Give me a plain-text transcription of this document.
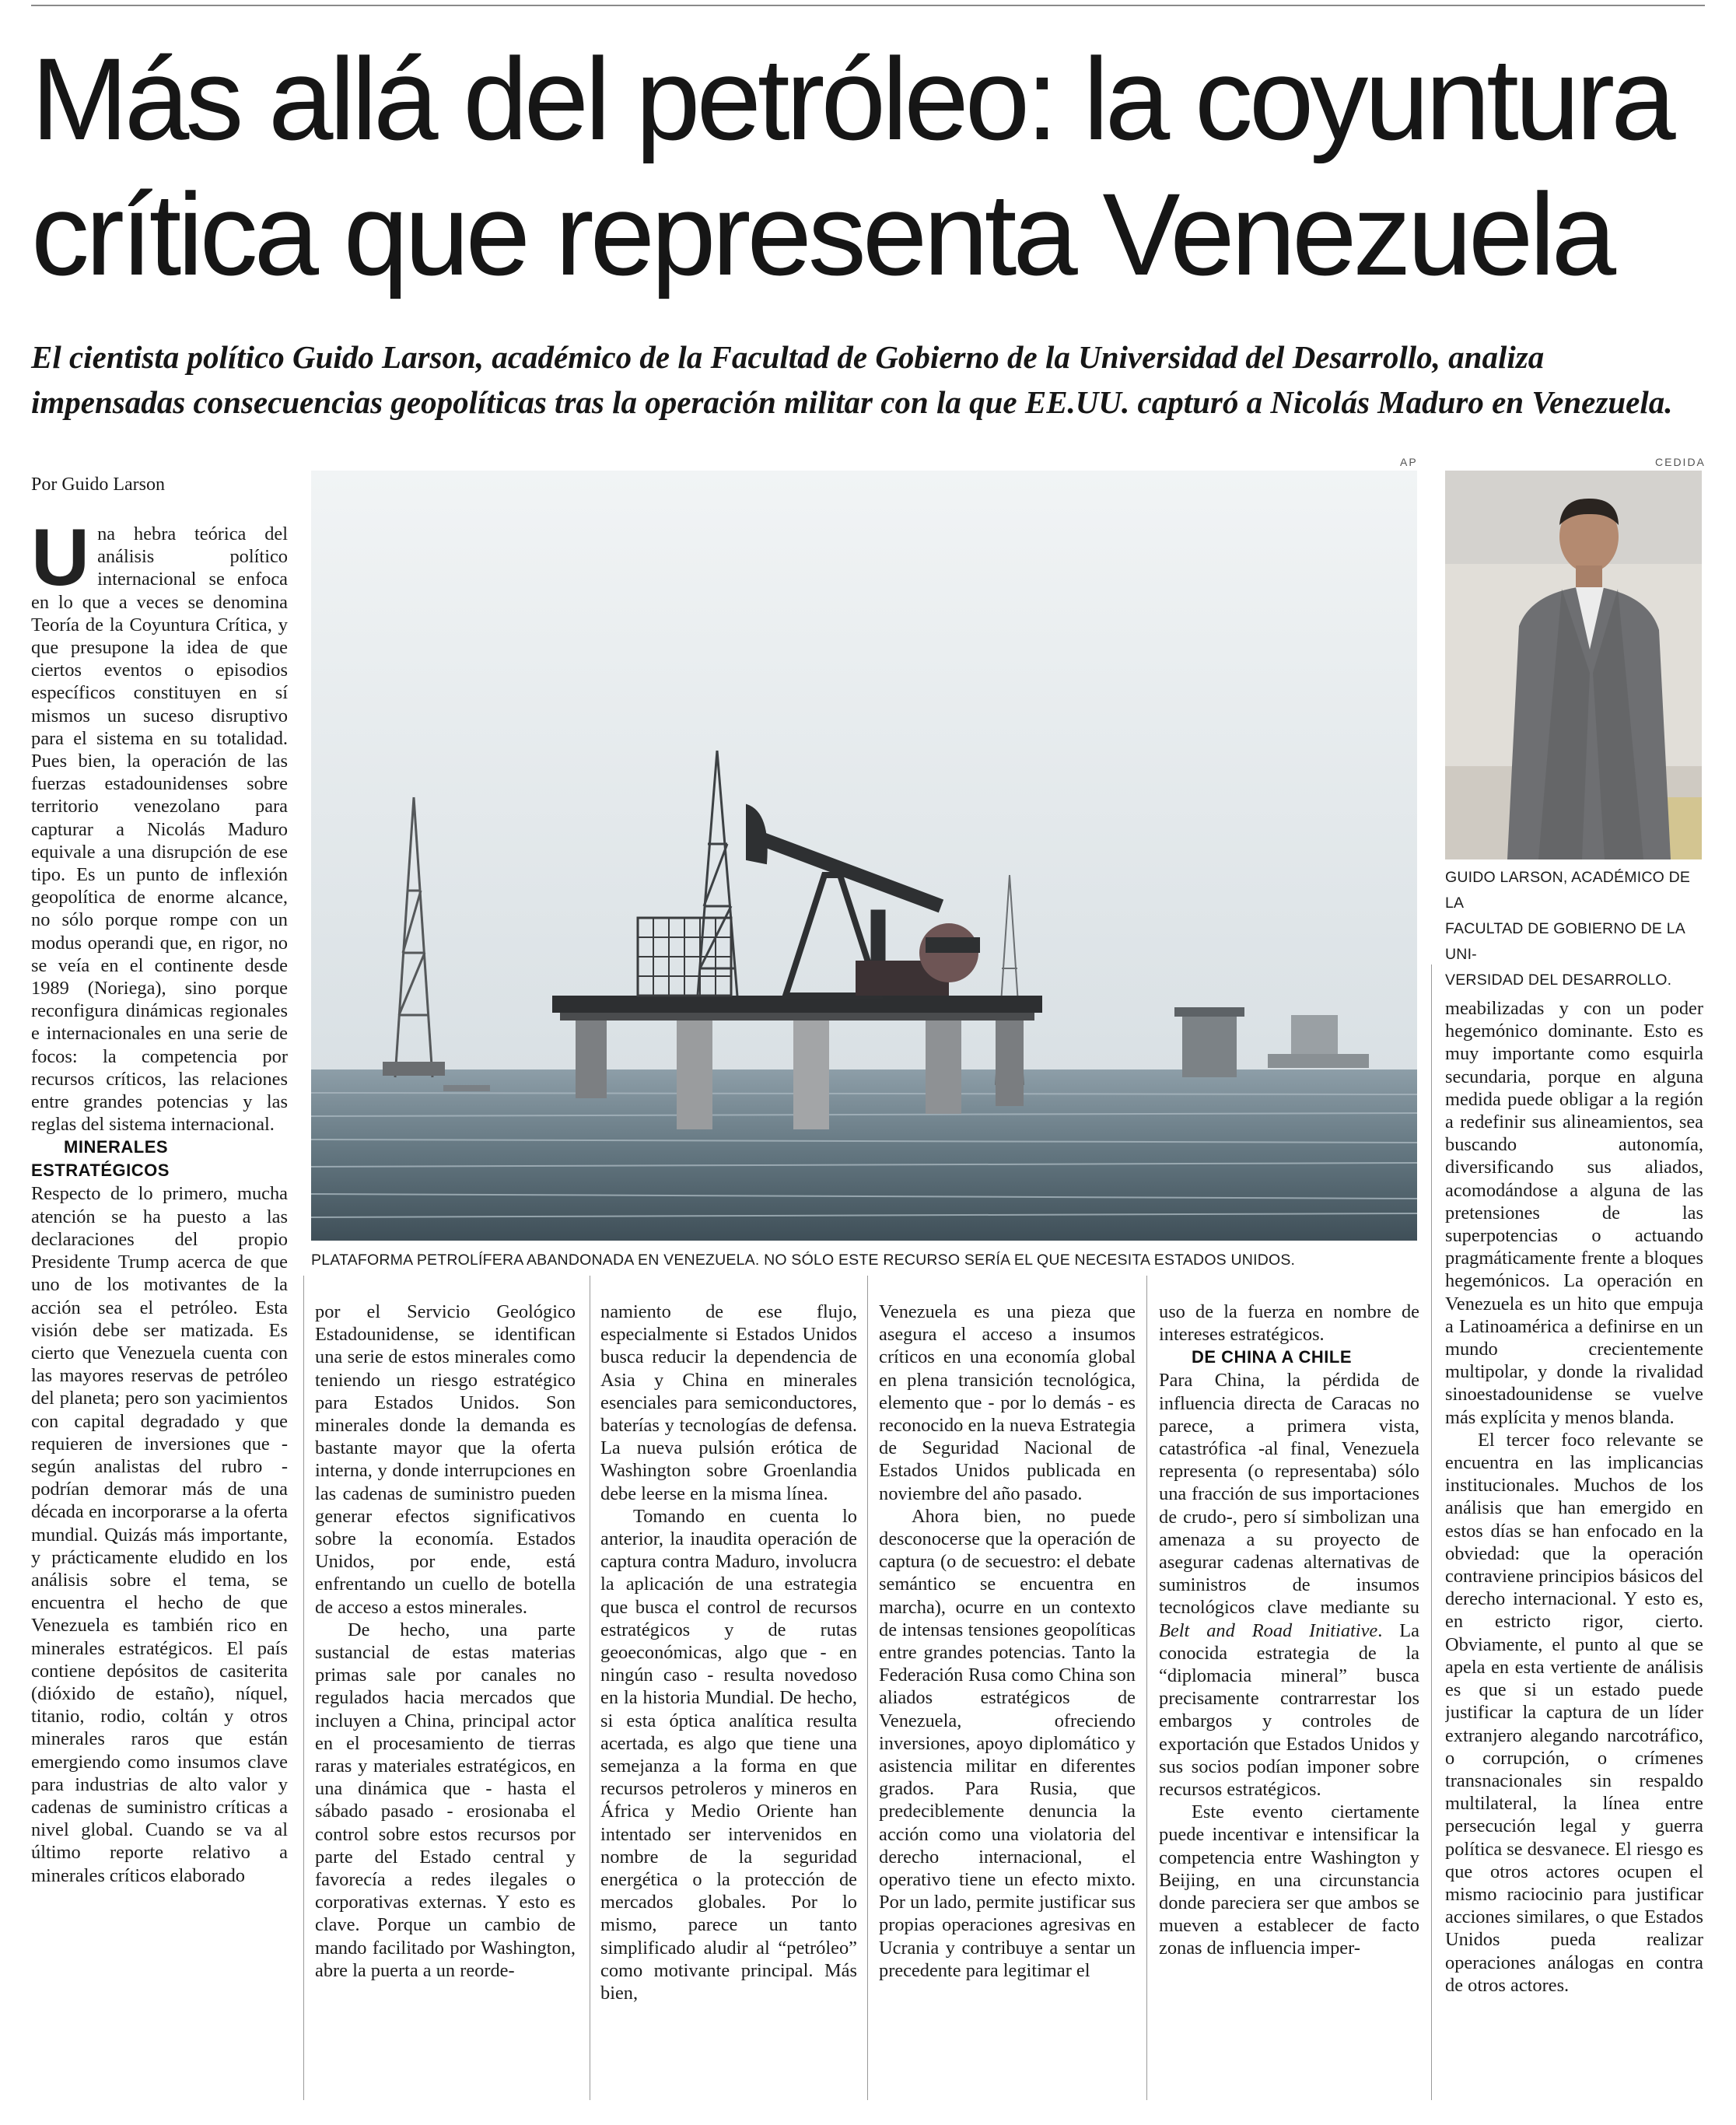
Más allá del petróleo: la coyuntura
crítica que representa Venezuela
El cientista político Guido Larson, académico de la Facultad de Gobierno de la Universidad del Desarrollo, analiza
impensadas consecuencias geopolíticas tras la operación militar con la que EE.UU. capturó a Nicolás Maduro en Venezuela.
Por Guido Larson
AP
PLATAFORMA PETROLÍFERA ABANDONADA EN VENEZUELA. NO SÓLO ESTE RECURSO SERÍA EL QUE NECESITA ESTADOS UNIDOS.
CEDIDA
GUIDO LARSON, ACADÉMICO DE LA
FACULTAD DE GOBIERNO DE LA UNI-
VERSIDAD DEL DESARROLLO.

Una hebra teórica del análisis político internacional se enfoca en lo que a veces se denomina Teoría de la Coyuntura Crítica, y que presupone la idea de que ciertos eventos o episodios específicos constituyen en sí mismos un suceso disruptivo para el sistema en su totalidad. Pues bien, la operación de las fuerzas estadounidenses sobre territorio venezolano para capturar a Nicolás Maduro equivale a una disrupción de ese tipo. Es un punto de inflexión geopolítica de enorme alcance, no sólo porque rompe con un modus operandi que, en rigor, no se veía en el continente desde 1989 (Noriega), sino porque reconfigura dinámicas regionales e internacionales en una serie de focos: la competencia por recursos críticos, las relaciones entre grandes potencias y las reglas del sistema internacional.

MINERALES ESTRATÉGICOS

Respecto de lo primero, mucha atención se ha puesto a las declaraciones del propio Presidente Trump acerca de que uno de los motivantes de la acción sea el petróleo. Esta visión debe ser matizada. Es cierto que Venezuela cuenta con las mayores reservas de petróleo del planeta; pero son yacimientos con capital degradado y que requieren de inversiones que - según analistas del rubro - podrían demorar más de una década en incorporarse a la oferta mundial. Quizás más importante, y prácticamente eludido en los análisis sobre el tema, se encuentra el hecho de que Venezuela es también rico en minerales estratégicos. El país contiene depósitos de casiterita (dióxido de estaño), níquel, titanio, rodio, coltán y otros minerales raros que están emergiendo como insumos clave para industrias de alto valor y cadenas de suministro críticas a nivel global. Cuando se va al último reporte relativo a minerales críticos elaborado

por el Servicio Geológico Estadounidense, se identifican una serie de estos minerales como teniendo un riesgo estratégico para Estados Unidos. Son minerales donde la demanda es bastante mayor que la oferta interna, y donde interrupciones en las cadenas de suministro pueden generar efectos significativos sobre la economía. Estados Unidos, por ende, está enfrentando un cuello de botella de acceso a estos minerales.

De hecho, una parte sustancial de estas materias primas sale por canales no regulados hacia mercados que incluyen a China, principal actor en el procesamiento de tierras raras y materiales estratégicos, en una dinámica que - hasta el sábado pasado - erosionaba el control sobre estos recursos por parte del Estado central y favorecía a redes ilegales o corporativas externas. Y esto es clave. Porque un cambio de mando facilitado por Washington, abre la puerta a un reorde-

namiento de ese flujo, especialmente si Estados Unidos busca reducir la dependencia de Asia y China en minerales esenciales para semiconductores, baterías y tecnologías de defensa. La nueva pulsión erótica de Washington sobre Groenlandia debe leerse en la misma línea.

Tomando en cuenta lo anterior, la inaudita operación de captura contra Maduro, involucra la aplicación de una estrategia que busca el control de recursos estratégicos y de rutas geoeconómicas, algo que - en ningún caso - resulta novedoso en la historia Mundial. De hecho, si esta óptica analítica resulta acertada, es algo que tiene una semejanza a la forma en que recursos petroleros y mineros en África y Medio Oriente han intentado ser intervenidos en nombre de la seguridad energética o la protección de mercados globales. Por lo mismo, parece un tanto simplificado aludir al “petróleo” como motivante principal. Más bien,

Venezuela es una pieza que asegura el acceso a insumos críticos en una economía global en plena transición tecnológica, elemento que - por lo demás - es reconocido en la nueva Estrategia de Seguridad Nacional de Estados Unidos publicada en noviembre del año pasado.

Ahora bien, no puede desconocerse que la operación de captura (o de secuestro: el debate semántico se encuentra en marcha), ocurre en un contexto de intensas tensiones geopolíticas entre grandes potencias. Tanto la Federación Rusa como China son aliados estratégicos de Venezuela, ofreciendo inversiones, apoyo diplomático y asistencia militar en diferentes grados. Para Rusia, que predeciblemente denuncia la acción como una violatoria del derecho internacional, el operativo tiene un efecto mixto. Por un lado, permite justificar sus propias operaciones agresivas en Ucrania y contribuye a sentar un precedente para legitimar el

uso de la fuerza en nombre de intereses estratégicos.

DE CHINA A CHILE

Para China, la pérdida de influencia directa de Caracas no parece, a primera vista, catastrófica -al final, Venezuela representa (o representaba) sólo una fracción de sus importaciones de crudo-, pero sí simbolizan una amenaza a su proyecto de asegurar cadenas alternativas de suministros de insumos tecnológicos clave mediante su Belt and Road Initiative. La conocida estrategia de la “diplomacia mineral” busca precisamente contrarrestar los embargos y controles de exportación que Estados Unidos y sus socios podían imponer sobre recursos estratégicos.

Este evento ciertamente puede incentivar e intensificar la competencia entre Washington y Beijing, en una circunstancia donde pareciera ser que ambos se mueven a establecer de facto zonas de influencia imper-

meabilizadas y con un poder hegemónico dominante. Esto es muy importante como esquirla secundaria, porque en alguna medida puede obligar a la región a redefinir sus alineamientos, sea buscando autonomía, diversificando sus aliados, acomodándose a alguna de las pretensiones de las superpotencias o actuando pragmáticamente frente a bloques hegemónicos. La operación en Venezuela es un hito que empuja a Latinoamérica a definirse en un mundo crecientemente multipolar, y donde la rivalidad sinoestadounidense se vuelve más explícita y menos blanda.

El tercer foco relevante se encuentra en las implicancias institucionales. Muchos de los análisis que han emergido en estos días se han enfocado en la obviedad: que la operación contraviene principios básicos del derecho internacional. Y esto es, en estricto rigor, cierto. Obviamente, el punto al que se apela en esta vertiente de análisis es que si un estado puede justificar la captura de un líder extranjero alegando narcotráfico, o corrupción, o crímenes transnacionales sin respaldo multilateral, la línea entre persecución legal y guerra política se desvanece. El riesgo es que otros actores ocupen el mismo raciocinio para justificar acciones similares, o que Estados Unidos pueda realizar operaciones análogas en contra de otros actores.
